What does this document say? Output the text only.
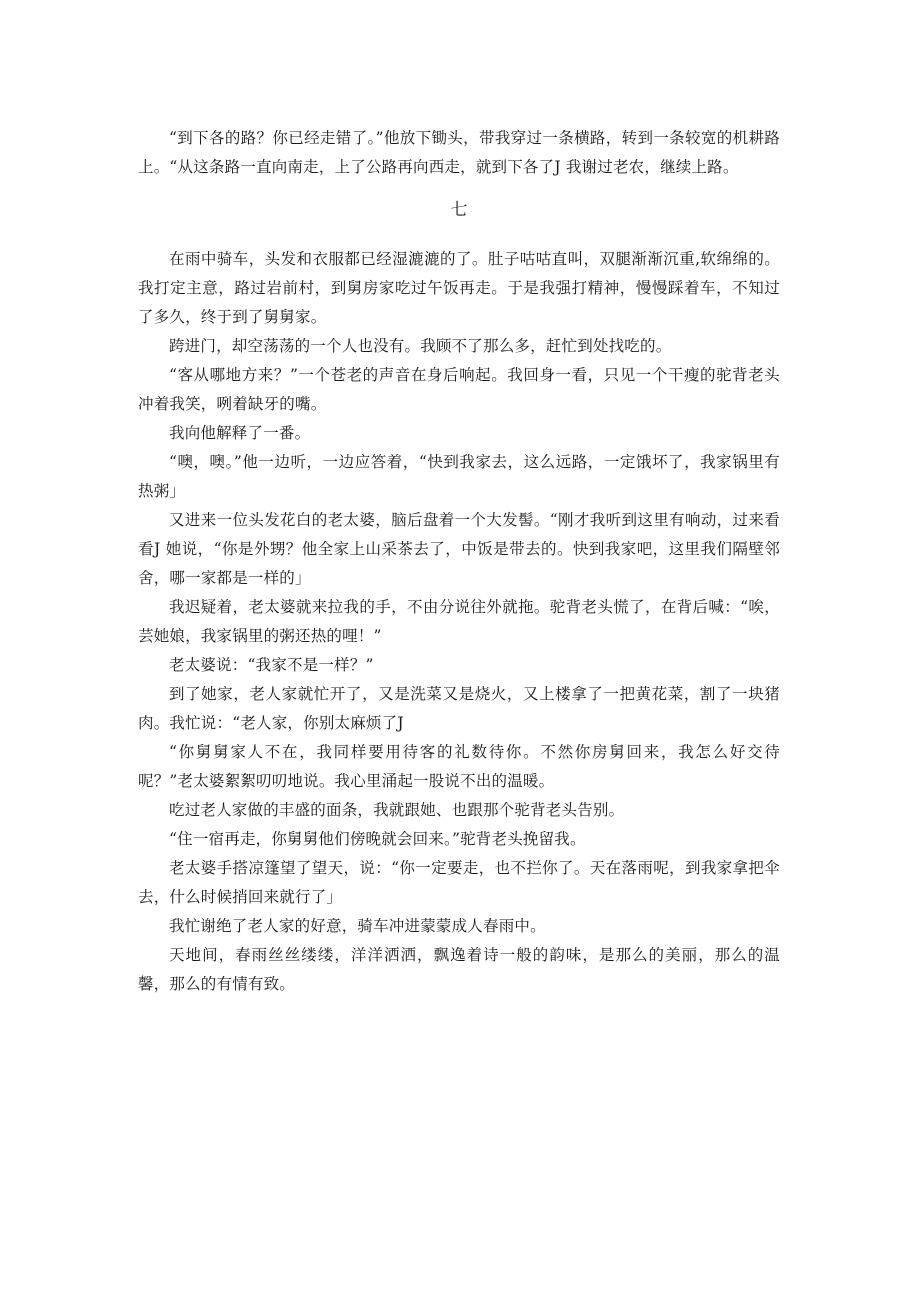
“到下各的路？你已经走错了。”他放下锄头，带我穿过一条横路，转到一条较宽的机耕路上。“从这条路一直向南走，上了公路再向西走，就到下各了J 我谢过老农，继续上路。

七

在雨中骑车，头发和衣服都已经湿漉漉的了。肚子咕咕直叫，双腿渐渐沉重,软绵绵的。我打定主意，路过岩前村，到舅房家吃过午饭再走。于是我强打精神，慢慢踩着车，不知过了多久，终于到了舅舅家。

跨进门，却空荡荡的一个人也没有。我顾不了那么多，赶忙到处找吃的。

“客从哪地方来？”一个苍老的声音在身后响起。我回身一看，只见一个干瘦的驼背老头冲着我笑，咧着缺牙的嘴。

我向他解释了一番。

“噢，噢。”他一边听，一边应答着，“快到我家去，这么远路，一定饿坏了，我家锅里有热粥」

又进来一位头发花白的老太婆，脑后盘着一个大发髻。“刚才我听到这里有响动，过来看看J 她说，“你是外甥？他全家上山采茶去了，中饭是带去的。快到我家吧，这里我们隔壁邻舍，哪一家都是一样的」

我迟疑着，老太婆就来拉我的手，不由分说往外就拖。驼背老头慌了，在背后喊：“唉，芸她娘，我家锅里的粥还热的哩！”

老太婆说：“我家不是一样？”

到了她家，老人家就忙开了，又是洗菜又是烧火，又上楼拿了一把黄花菜，割了一块猪肉。我忙说：“老人家，你别太麻烦了J

“你舅舅家人不在，我同样要用待客的礼数待你。不然你房舅回来，我怎么好交待呢？”老太婆絮絮叨叨地说。我心里涌起一股说不出的温暖。

吃过老人家做的丰盛的面条，我就跟她、也跟那个驼背老头告别。

“住一宿再走，你舅舅他们傍晚就会回来。”驼背老头挽留我。

老太婆手搭凉篷望了望天，说：“你一定要走，也不拦你了。天在落雨呢，到我家拿把伞去，什么时候捎回来就行了」

我忙谢绝了老人家的好意，骑车冲进蒙蒙成人春雨中。

天地间，春雨丝丝缕缕，洋洋洒洒，飘逸着诗一般的韵味，是那么的美丽，那么的温馨，那么的有情有致。
